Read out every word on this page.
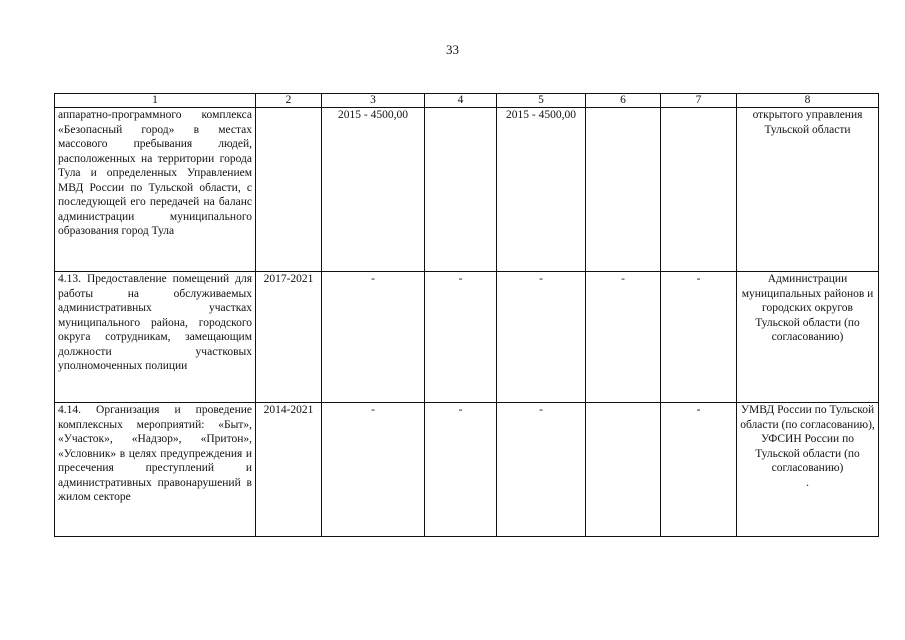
33
1	2	3	4	5	6	7	8
аппаратно-программного комплекса «Безопасный город» в местах массового пребывания людей, расположенных на территории города Тула и определенных Управлением МВД России по Тульской области, с последующей его передачей на баланс администрации муниципального образования город Тула		2015 - 4500,00		2015 - 4500,00			открытого управления Тульской области
4.13. Предоставление помещений для работы на обслуживаемых административных участках муниципального района, городского округа сотрудникам, замещающим должности участковых уполномоченных полиции	2017-2021	-	-	-	-	-	Администрации муниципальных районов и городских округов Тульской области (по согласованию)
4.14. Организация и проведение комплексных мероприятий: «Быт», «Участок», «Надзор», «Притон», «Условник» в целях предупреждения и пресечения преступлений и административных правонарушений в жилом секторе	2014-2021	-	-	-		-	УМВД России по Тульской области (по согласованию), УФСИН России по Тульской области (по согласованию)
.
